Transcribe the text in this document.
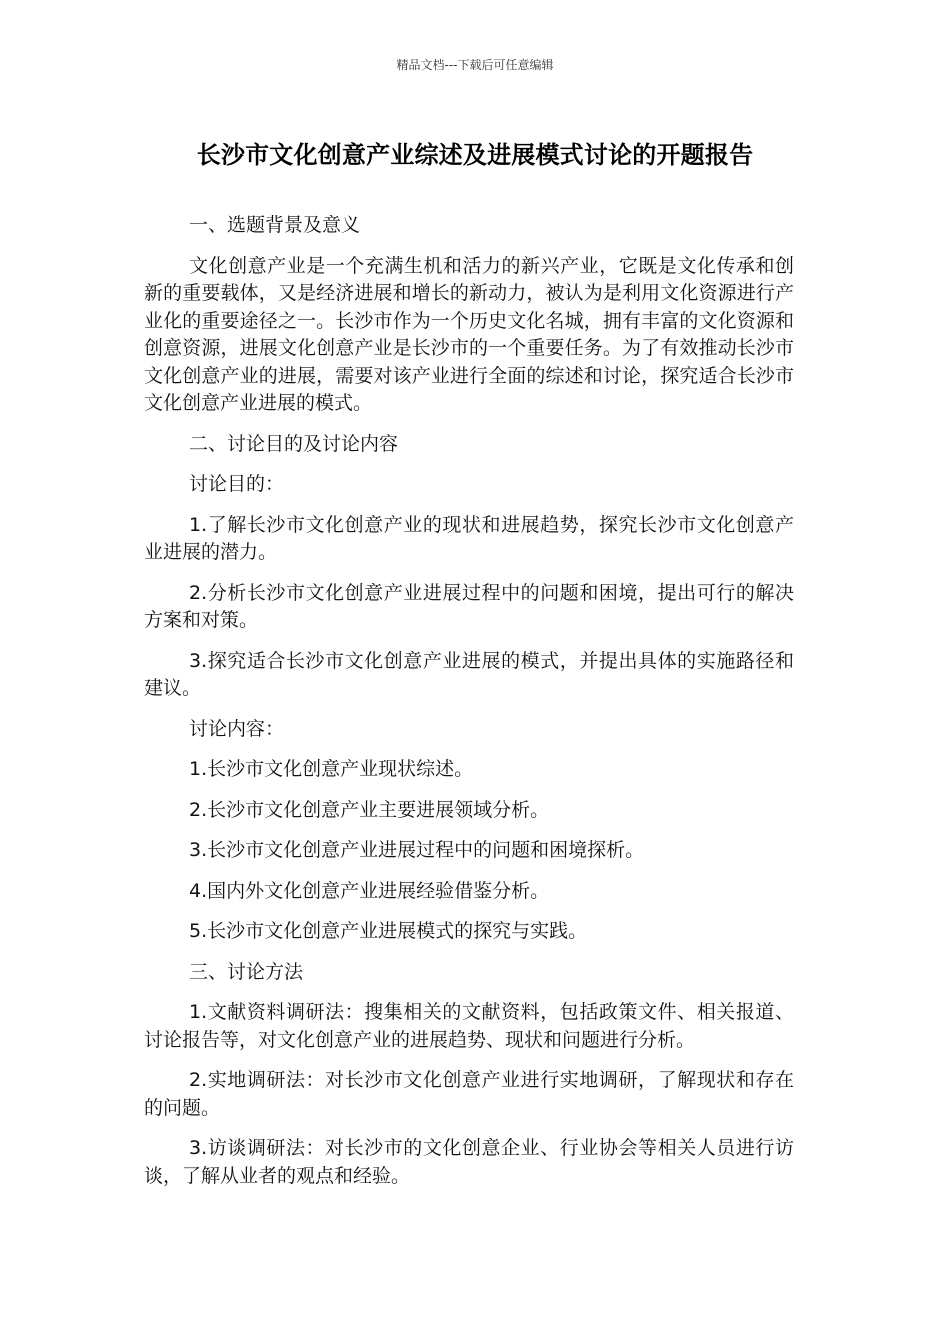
精品文档---下载后可任意编辑
长沙市文化创意产业综述及进展模式讨论的开题报告

一、选题背景及意义

文化创意产业是一个充满生机和活力的新兴产业，它既是文化传承和创新的重要载体，又是经济进展和增长的新动力，被认为是利用文化资源进行产业化的重要途径之一。长沙市作为一个历史文化名城，拥有丰富的文化资源和创意资源，进展文化创意产业是长沙市的一个重要任务。为了有效推动长沙市文化创意产业的进展，需要对该产业进行全面的综述和讨论，探究适合长沙市文化创意产业进展的模式。

二、讨论目的及讨论内容

讨论目的：

1.了解长沙市文化创意产业的现状和进展趋势，探究长沙市文化创意产业进展的潜力。

2.分析长沙市文化创意产业进展过程中的问题和困境，提出可行的解决方案和对策。

3.探究适合长沙市文化创意产业进展的模式，并提出具体的实施路径和建议。

讨论内容：

1.长沙市文化创意产业现状综述。

2.长沙市文化创意产业主要进展领域分析。

3.长沙市文化创意产业进展过程中的问题和困境探析。

4.国内外文化创意产业进展经验借鉴分析。

5.长沙市文化创意产业进展模式的探究与实践。

三、讨论方法

1.文献资料调研法：搜集相关的文献资料，包括政策文件、相关报道、讨论报告等，对文化创意产业的进展趋势、现状和问题进行分析。

2.实地调研法：对长沙市文化创意产业进行实地调研，了解现状和存在的问题。

3.访谈调研法：对长沙市的文化创意企业、行业协会等相关人员进行访谈，了解从业者的观点和经验。
